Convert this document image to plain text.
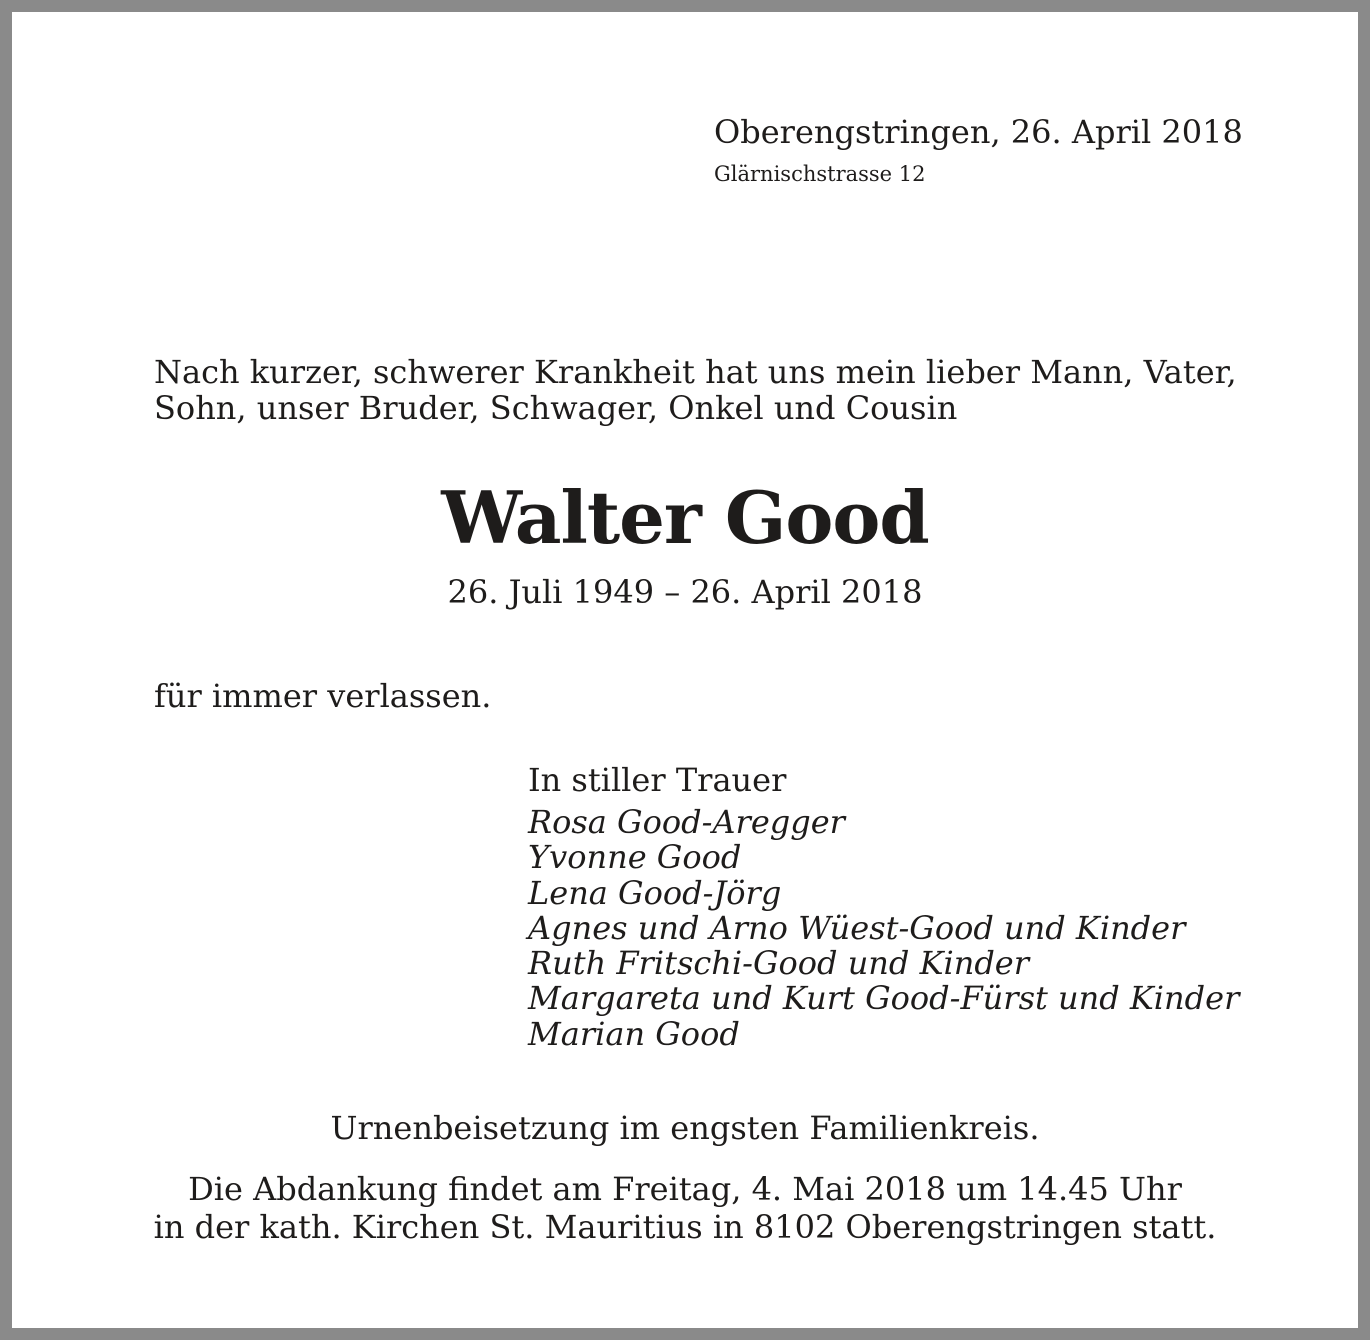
Oberengstringen, 26. April 2018
Glärnischstrasse 12
Nach kurzer, schwerer Krankheit hat uns mein lieber Mann, Vater,
Sohn, unser Bruder, Schwager, Onkel und Cousin
Walter Good
26. Juli 1949 – 26. April 2018
für immer verlassen.
In stiller Trauer
Rosa Good-Aregger
Yvonne Good
Lena Good-Jörg
Agnes und Arno Wüest-Good und Kinder
Ruth Fritschi-Good und Kinder
Margareta und Kurt Good-Fürst und Kinder
Marian Good
Urnenbeisetzung im engsten Familienkreis.
Die Abdankung findet am Freitag, 4. Mai 2018 um 14.45 Uhr
in der kath. Kirchen St. Mauritius in 8102 Oberengstringen statt.
